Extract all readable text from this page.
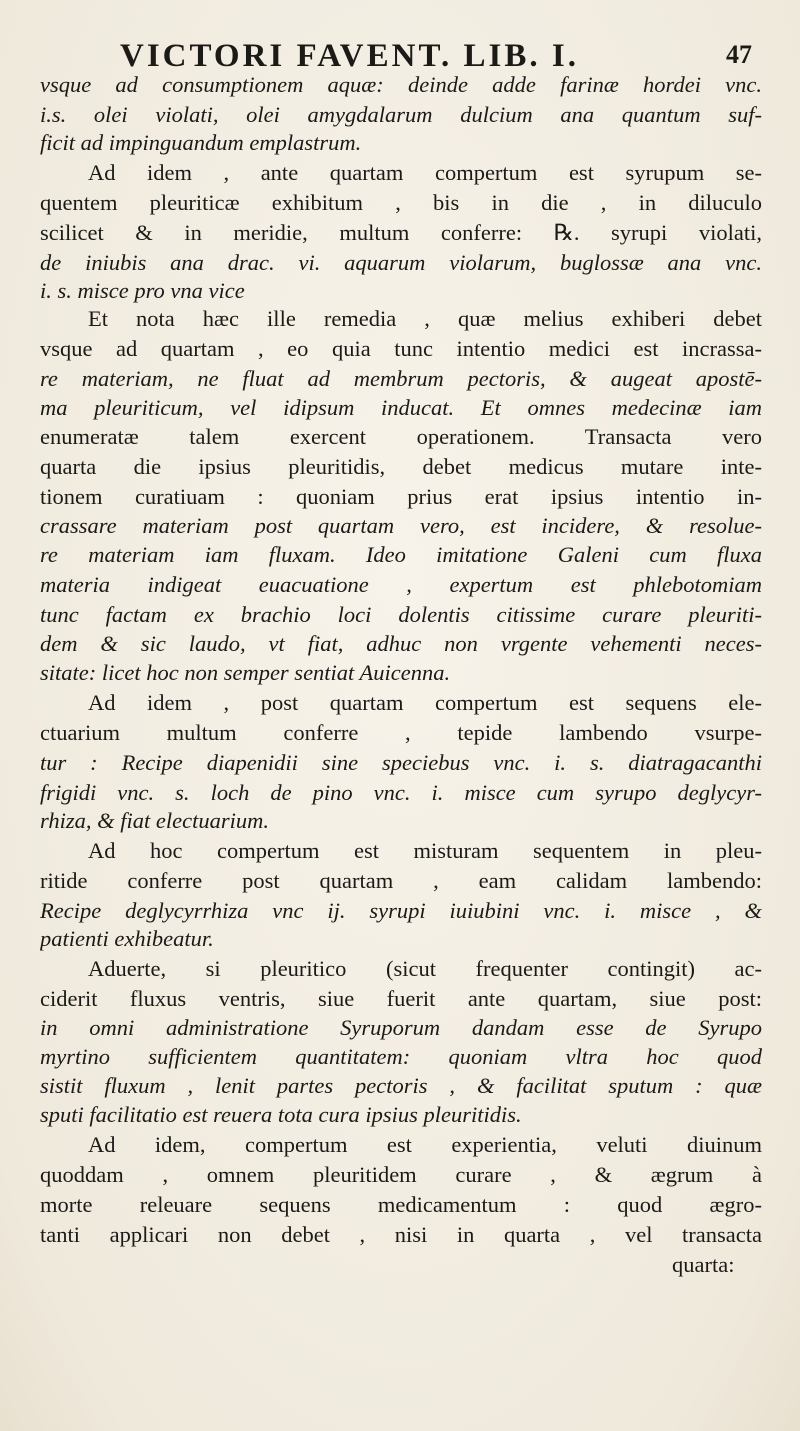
VICTORI FAVENT. LIB. I.	47
vsque ad consumptionem aquæ: deinde adde farinæ hordei vnc.
i.s. olei violati, olei amygdalarum dulcium ana quantum suf-
ficit ad impinguandum emplastrum.
Ad idem , ante quartam compertum est syrupum se-
quentem pleuriticæ exhibitum , bis in die , in diluculo
scilicet & in meridie, multum conferre: ℞. syrupi violati,
de iniubis ana drac. vi. aquarum violarum, buglossæ ana vnc.
i. s. misce pro vna vice
Et nota hæc ille remedia , quæ melius exhiberi debet
vsque ad quartam , eo quia tunc intentio medici est incrassa-
re materiam, ne fluat ad membrum pectoris, & augeat apostē-
ma pleuriticum, vel idipsum inducat. Et omnes medecinæ iam
enumeratæ talem exercent operationem. Transacta vero
quarta die ipsius pleuritidis, debet medicus mutare inte-
tionem curatiuam : quoniam prius erat ipsius intentio in-
crassare materiam post quartam vero, est incidere, & resolue-
re materiam iam fluxam. Ideo imitatione Galeni cum fluxa
materia indigeat euacuatione , expertum est phlebotomiam
tunc factam ex brachio loci dolentis citissime curare pleuriti-
dem & sic laudo, vt fiat, adhuc non vrgente vehementi neces-
sitate: licet hoc non semper sentiat Auicenna.
Ad idem , post quartam compertum est sequens ele-
ctuarium multum conferre , tepide lambendo vsurpe-
tur : Recipe diapenidii sine speciebus vnc. i. s. diatragacanthi
frigidi vnc. s. loch de pino vnc. i. misce cum syrupo deglycyr-
rhiza, & fiat electuarium.
Ad hoc compertum est misturam sequentem in pleu-
ritide conferre post quartam , eam calidam lambendo:
Recipe deglycyrrhiza vnc ij. syrupi iuiubini vnc. i. misce , &
patienti exhibeatur.
Aduerte, si pleuritico (sicut frequenter contingit) ac-
ciderit fluxus ventris, siue fuerit ante quartam, siue post:
in omni administratione Syruporum dandam esse de Syrupo
myrtino sufficientem quantitatem: quoniam vltra hoc quod
sistit fluxum , lenit partes pectoris , & facilitat sputum : quæ
sputi facilitatio est reuera tota cura ipsius pleuritidis.
Ad idem, compertum est experientia, veluti diuinum
quoddam , omnem pleuritidem curare , & ægrum à
morte releuare sequens medicamentum : quod ægro-
tanti applicari non debet , nisi in quarta , vel transacta
quarta:
